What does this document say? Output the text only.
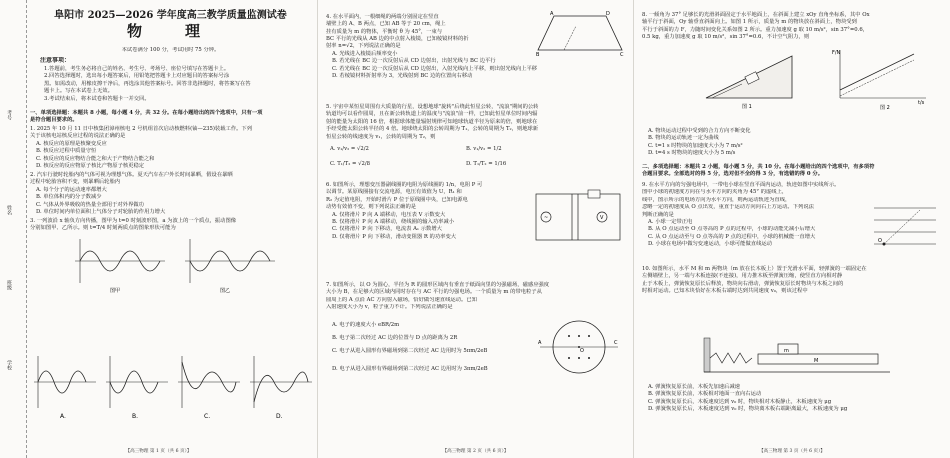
考号
姓名
班级
学校
阜阳市 2025—2026 学年度高三教学质量监测试卷
物　理
本试卷满分 100 分，考试用时 75 分钟。
注意事项：
1.答题前，考生务必将自己的姓名、考生号、考场号、座位号填写在答题卡上。
2.回答选择题时，选出每小题答案后，用铅笔把答题卡上对应题目的答案标号涂
黑。如需改动，用橡皮擦干净后，再选涂其他答案标号。回答非选择题时，将答案写在答
题卡上。写在本试卷上无效。
3.考试结束后，将本试卷和答题卡一并交回。
一、单项选择题：本题共 8 小题，每小题 4 分，共 32 分。在每小题给出的四个选项中，只有一项
是符合题目要求的。
1. 2025 年 10 月 11 日中核集团漳州核电 2 号机组首次启动核燃料(铀—235)装载工作。下列
关于该核电站核反应过程的说法正确的是
A. 核反应的原理是核聚变反应
B. 核反应过程中质量守恒
C. 核反应的反应物结合能之和大于产物结合能之和
D. 核反应的反应物原子核比产物原子核更稳定
2. 汽车行驶时轮胎内的气体可视为理想气体。夏天汽车在户外长时间暴晒，假设在暴晒
过程中轮胎容积不变，则暴晒后轮胎内
A. 每个分子的运动速率都增大
B. 单位体积内的分子数减少
C. 气体从外界吸收的热量全部用于对外界做功
D. 单位时间内单位面积上气体分子对轮胎的作用力增大
3. 一列波沿 x 轴负方向传播，图甲为 t=0 时刻波形图，a 为波上的一个质点，振动图像
分别如图甲、乙所示。则 t=T/4 时刻两质点的图象形状可能为
图甲	图乙
A.	B.	C.	D.
【高三物理 第 1 页（共 6 页）】
4. 在水平面内，一根细绳的两端分别固定在竖直
墙壁上的 A、B 两点，已知 AB 等于 20 cm，绳上
挂有质量为 m 的物体，平衡时 θ 为 45°，一束与
BC 平行的光线从 AB 边的中点射入棱镜，已知棱镜材料的折
射率 n=√2，下列说法正确的是
A. 光线进入棱镜后频率变小
B. 若光线在 BC 边一次反射后从 CD 边射出，出射光线与 BC 边平行
C. 若光线在 BC 边一次反射后从 CD 边射出，入射光线向上平移，则出射光线向上平移
D. 若棱镜材料折射率为 3，光线射到 BC 边的位置向右移动
A	D
B	C
5. 宇宙中某恒星周围有大质量的行星，设想地球"旋转"后绕此恒星公转，"流浪"期间的公转
轨道均可以看作圆周，且在新公转轨道上的温度与"流浪"前一样，已知此恒星单位时间内辐
射的能量为太阳的 16 倍，根据球体能量辐射规律可知地球轨道半径为原来的倍，则地球在
手经受能太阳公转半径的 4 倍。地球绕太阳的公转周期为 T₁，公转的周期为 T₂，则地球新
恒星公转的线速度为 v₁，公转的周期为 T₂，则
A. v₁/v₂ = √2/2
C. T₁/T₂ = √2/8
B. v₁/v₂ = 1/2
D. T₁/T₂ = 1/16
6. 如图所示，理想变压器副线圈的电阻为原线圈的 1/n，电阻 P 可
以调节。某原线圈接有交流电源，电压有效值为 U，R₁ 和
R₂ 为定值电阻，开始时滑片 P 位于原线圈中央，已知电源电
动势有效值不变，则下列说法正确的是
A. 仅将滑片 P 向 A 端移动，电压表 V 示数变大
B. 仅将滑片 P 向 A 端移动，绕线圈的输入功率减小
C. 仅将滑片 P 向 下移动，电流表 A₁ 示数增大
D. 仅将滑片 P 向 下移动，滑动变阻器 R 的功率变大
~	V
7. 如图所示，以 O 为圆心，半径为 R 的圆形区域内有垂直于纸面向里的匀强磁场，磁感应强度
大小为 B，在足够大的区域内同时存在与 AC 平行的匀强电场。一个质量为 m 的带电粒子从
圆周上的 A 点沿 AC 方向射入磁场，恰好做匀速直线运动。已知
入射速度大小为 v，粒子重力不计。下列说法正确的是
A. 电子的速度大小 eBR/2m
B. 电子第二次经过 AC 边的位置与 D 点的距离为 2R
C. 电子从进入圆形有界磁场到第二次经过 AC 边用时为 5πm/2eB
D. 电子从进入圆形有界磁场到第二次经过 AC 边用时为 3πm/2eB
A	C
O
【高三物理 第 2 页（共 6 页）】
8. 一倾角为 37° 足够长的光滑斜面固定于水平地面上，在斜面上建立 xOy 直角坐标系，其中 Ox
轴平行于斜面，Oy 轴垂直斜面向上。如图 1 所示，质量为 m 的物块放在斜面上，物块受到
平行于斜面的力 F，力随时间变化关系如图 2 所示。重力加速度 g 取 10 m/s²，sin 37°=0.6，
0.5 kg，重力加速度 g 取 10 m/s²，sin 37°=0.6，不计空气阻力，则
图 1
F/N
t/s
图 2
A. 物块运动过程中受到的合力方向不断变化
B. 物块的运动轨迹一定为曲线
C. t=1 s 时物块的加速度大小为 7 m/s²
D. t=4 s 时物块的速度大小为 5 m/s
二、多项选择题：本题共 2 小题，每小题 5 分，共 10 分。在每小题给出的四个选项中，有多项符
合题目要求。全部选对的得 5 分，选对但不全的得 3 分，有选错的得 0 分。
9. 在水平方向的匀强电场中，一带电小球在竖直平面内运动，轨迹如图中实线所示。
图中小球的初速度方向在与水平方向的夹角为 45° 的虚线上，
线中，图示所示的电场方向为水平方向，则两运动轨迹为直线，
忽略一定的初速度从 O 点出发，重直于运动方向向右上方运动。下列说法
判断正确的是
A. 小球一定带正电
B. 从 O 点运动至 O 点等高的 P 点的过程中，小球的动能先减小后增大
C. 从 O 点运动至与 O 点等高的 P 点的过程中，小球的机械能一直增大
D. 小球在电场中做匀变速运动，小球可能做直线运动
O
10. 如图所示，水平 M 和 m 两物块（m 放在长木板上）置于光滑水平面，轻弹簧的一端固定在
左侧墙壁上，另一端与木板连接(不连接)，用力推木板至弹簧压缩，使竖直方向相对静
止于木板上，弹簧恢复原长后释放，物块向右滑动，弹簧恢复原长时物块与木板之间的
时相对运动。已知木块恰好在木板右端时达到共同速度 v₀，则该过程中
m
M
A. 弹簧恢复原长前，木板先加速后减速
B. 弹簧恢复原长前，木板相对地面一直向右运动
C. 弹簧恢复原长后，木板速度达到 v₀ 时，物块相对木板静止，木板速度为 μg
D. 弹簧恢复原长后，木板速度达到 v₀ 时，物块离木板右端距离最大，木板速度为 μg
【高三物理 第 3 页（共 6 页）】
